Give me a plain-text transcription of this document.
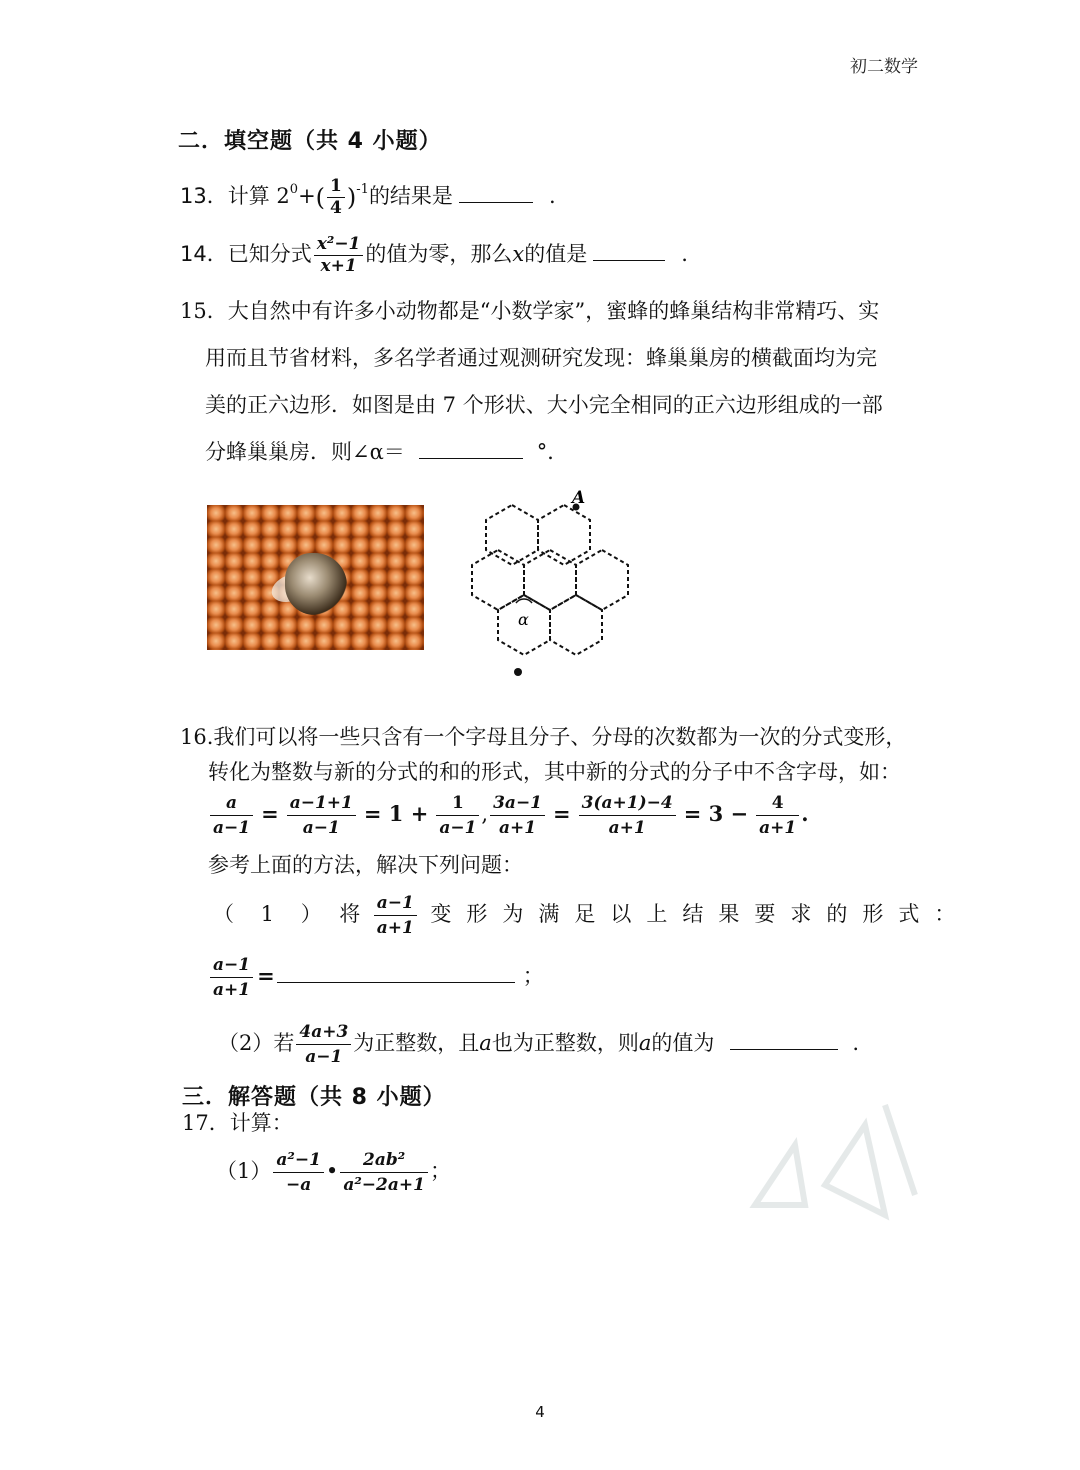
初二数学
二．填空题（共 4 小题）
13．计算 $2^0+( \frac{1}{4} )^{-1}$的结果是	.
14．已知分式 $\frac{\text{x²−1}}{x+1}$ 的值为零，那么x的值是	.
15．大自然中有许多小动物都是“小数学家”，蜜蜂的蜂巢结构非常精巧、实
用而且节省材料，多名学者通过观测研究发现：蜂巢巢房的横截面均为完
美的正六边形．如图是由 7 个形状、大小完全相同的正六边形组成的一部
分蜂巢巢房．则∠α＝	°．
A
α
16.我们可以将一些只含有一个字母且分子、分母的次数都为一次的分式变形，
转化为整数与新的分式的和的形式，其中新的分式的分子中不含字母，如：
$\frac{a}{a-1} = \frac{a-1+1}{a-1} = 1 + \frac{1}{a-1}$ , $\frac{3a-1}{a+1} = \frac{3(a+1)-4}{a+1} = 3 - \frac{4}{a+1}$ .
参考上面的方法，解决下列问题：
（ 1 ） 将 $\frac{a-1}{a+1}$ 变 形 为 满 足 以 上 结 果 要 求 的 形 式 ：
$\frac{a-1}{a+1}$ =	；
（2）若 $\frac{4a+3}{a-1}$ 为正整数，且a也为正整数，则a的值为	.
三．解答题（共 8 小题）
17．计算：
$(1) \frac{\text{a²−1}}{-a}$ • $\frac{\text{2ab²}}{\text{a²−2a+1}}$ ；
4
